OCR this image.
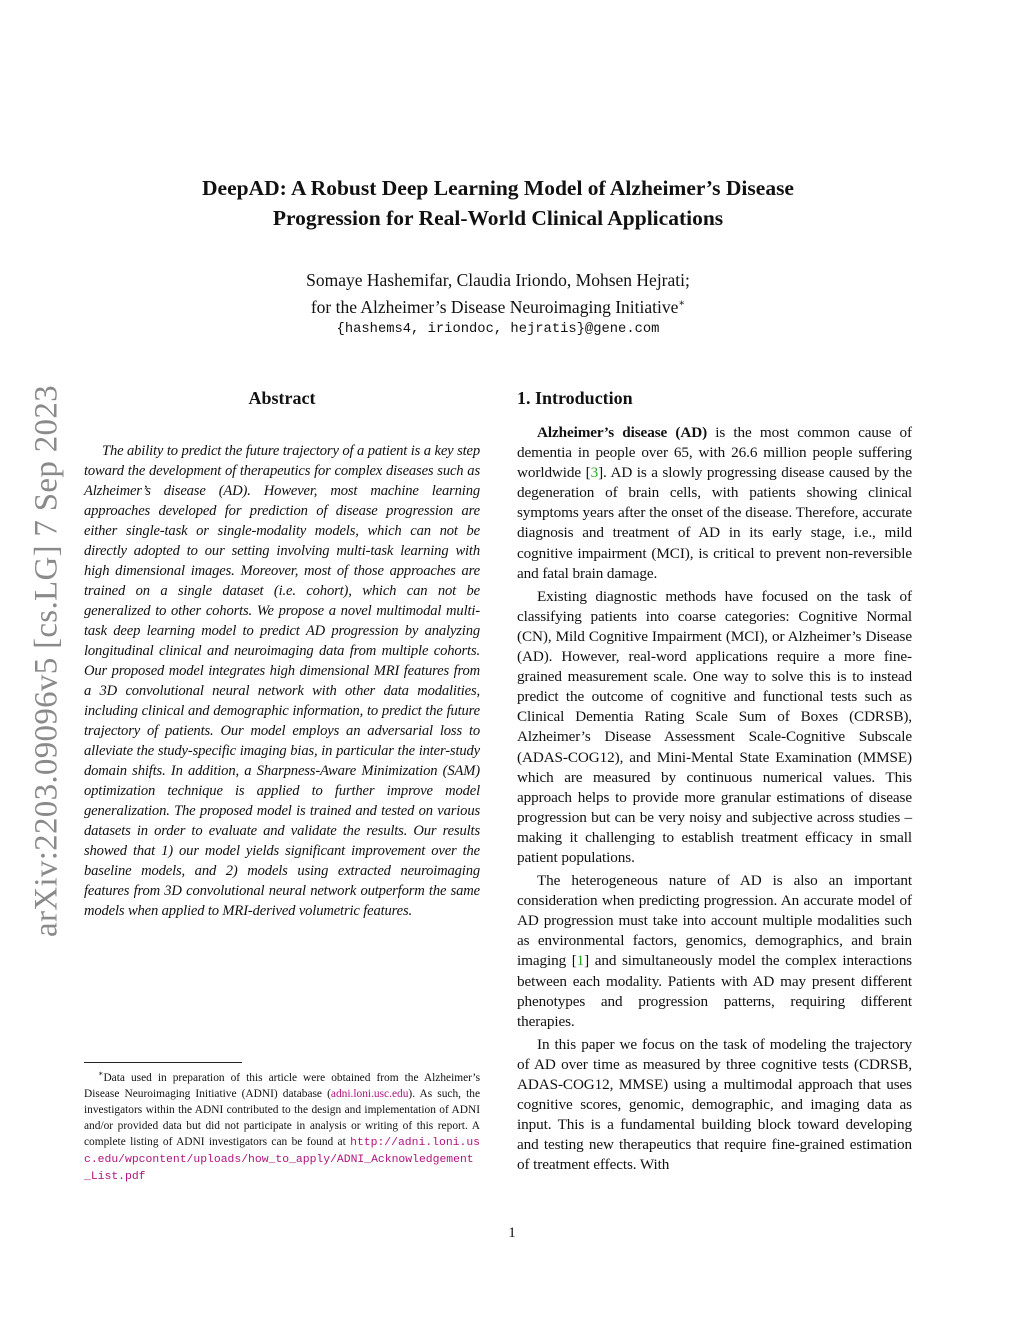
arXiv:2203.09096v5 [cs.LG] 7 Sep 2023
DeepAD: A Robust Deep Learning Model of Alzheimer’s Disease
Progression for Real-World Clinical Applications
Somaye Hashemifar, Claudia Iriondo, Mohsen Hejrati;
for the Alzheimer’s Disease Neuroimaging Initiative∗
{hashems4, iriondoc, hejratis}@gene.com
Abstract

The ability to predict the future trajectory of a patient is a key step toward the development of therapeutics for complex diseases such as Alzheimer’s disease (AD). However, most machine learning approaches developed for prediction of disease progression are either single-task or single-modality models, which can not be directly adopted to our setting involving multi-task learning with high dimensional images. Moreover, most of those approaches are trained on a single dataset (i.e. cohort), which can not be generalized to other cohorts. We propose a novel multimodal multi-task deep learning model to predict AD progression by analyzing longitudinal clinical and neuroimaging data from multiple cohorts. Our proposed model integrates high dimensional MRI features from a 3D convolutional neural network with other data modalities, including clinical and demographic information, to predict the future trajectory of patients. Our model employs an adversarial loss to alleviate the study-specific imaging bias, in particular the inter-study domain shifts. In addition, a Sharpness-Aware Minimization (SAM) optimization technique is applied to further improve model generalization. The proposed model is trained and tested on various datasets in order to evaluate and validate the results. Our results showed that 1) our model yields significant improvement over the baseline models, and 2) models using extracted neuroimaging features from 3D convolutional neural network outperform the same models when applied to MRI-derived volumetric features.

∗Data used in preparation of this article were obtained from the Alzheimer’s Disease Neuroimaging Initiative (ADNI) database (adni.loni.usc.edu). As such, the investigators within the ADNI contributed to the design and implementation of ADNI and/or provided data but did not participate in analysis or writing of this report. A complete listing of ADNI investigators can be found at http://adni.loni.usc.edu/wpcontent/uploads/how_to_apply/ADNI_Acknowledgement_List.pdf

1. Introduction

Alzheimer’s disease (AD) is the most common cause of dementia in people over 65, with 26.6 million people suffering worldwide [3]. AD is a slowly progressing disease caused by the degeneration of brain cells, with patients showing clinical symptoms years after the onset of the disease. Therefore, accurate diagnosis and treatment of AD in its early stage, i.e., mild cognitive impairment (MCI), is critical to prevent non-reversible and fatal brain damage.

Existing diagnostic methods have focused on the task of classifying patients into coarse categories: Cognitive Normal (CN), Mild Cognitive Impairment (MCI), or Alzheimer’s Disease (AD). However, real-word applications require a more fine-grained measurement scale. One way to solve this is to instead predict the outcome of cognitive and functional tests such as Clinical Dementia Rating Scale Sum of Boxes (CDRSB), Alzheimer’s Disease Assessment Scale-Cognitive Subscale (ADAS-COG12), and Mini-Mental State Examination (MMSE) which are measured by continuous numerical values. This approach helps to provide more granular estimations of disease progression but can be very noisy and subjective across studies – making it challenging to establish treatment efficacy in small patient populations.

The heterogeneous nature of AD is also an important consideration when predicting progression. An accurate model of AD progression must take into account multiple modalities such as environmental factors, genomics, demographics, and brain imaging [1] and simultaneously model the complex interactions between each modality. Patients with AD may present different phenotypes and progression patterns, requiring different therapies.

In this paper we focus on the task of modeling the trajectory of AD over time as measured by three cognitive tests (CDRSB, ADAS-COG12, MMSE) using a multimodal approach that uses cognitive scores, genomic, demographic, and imaging data as input. This is a fundamental building block toward developing and testing new therapeutics that require fine-grained estimation of treatment effects. With

1
